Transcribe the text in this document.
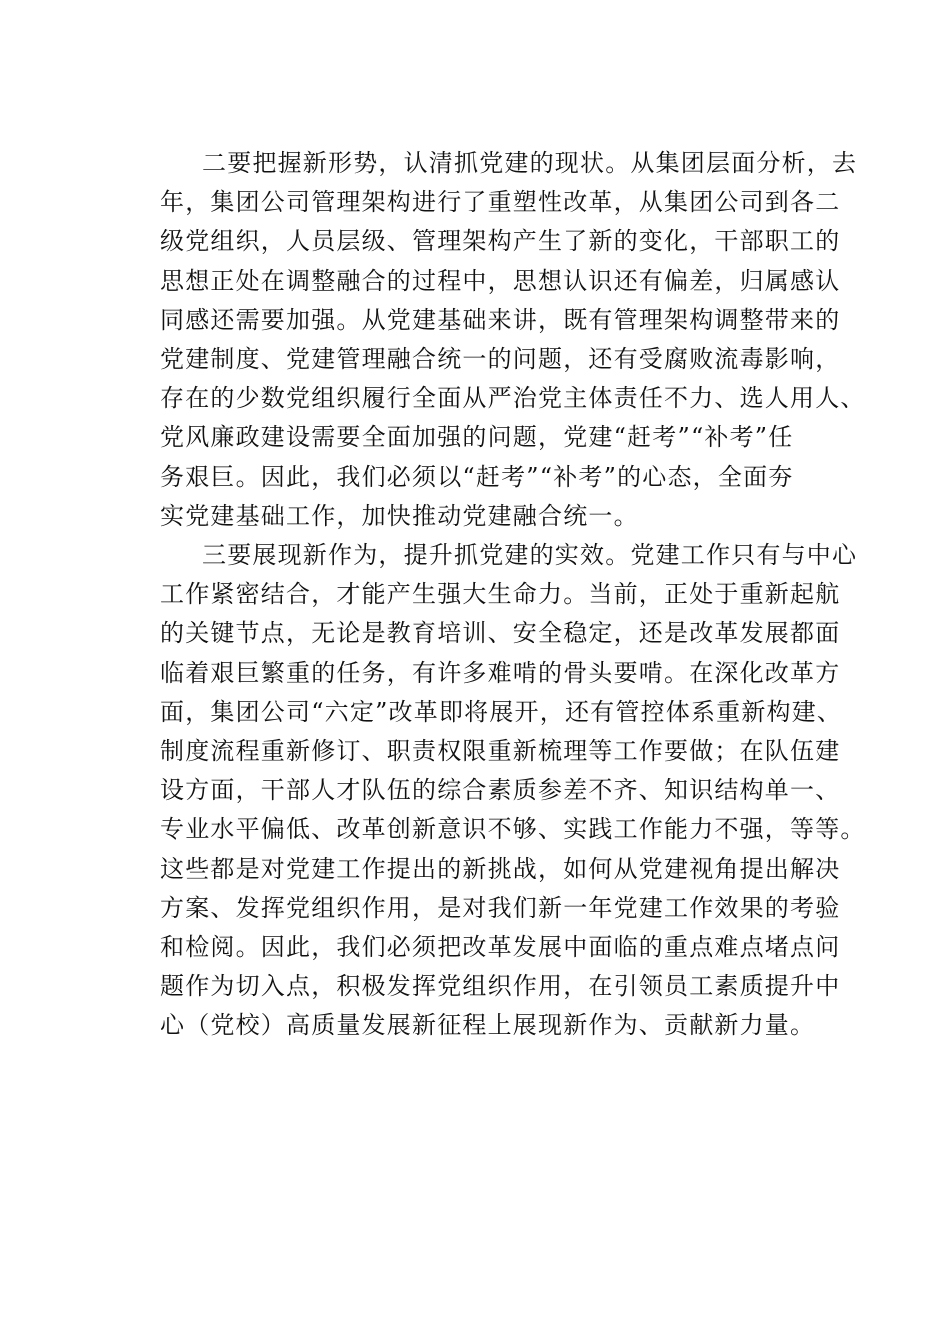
二要把握新形势，认清抓党建的现状。从集团层面分析，去
年，集团公司管理架构进行了重塑性改革，从集团公司到各二
级党组织，人员层级、管理架构产生了新的变化，干部职工的
思想正处在调整融合的过程中，思想认识还有偏差，归属感认
同感还需要加强。从党建基础来讲，既有管理架构调整带来的
党建制度、党建管理融合统一的问题，还有受腐败流毒影响，
存在的少数党组织履行全面从严治党主体责任不力、选人用人、
党风廉政建设需要全面加强的问题，党建“赶考”“补考”任
务艰巨。因此，我们必须以“赶考”“补考”的心态，全面夯
实党建基础工作，加快推动党建融合统一。
三要展现新作为，提升抓党建的实效。党建工作只有与中心
工作紧密结合，才能产生强大生命力。当前，正处于重新起航
的关键节点，无论是教育培训、安全稳定，还是改革发展都面
临着艰巨繁重的任务，有许多难啃的骨头要啃。在深化改革方
面，集团公司“六定”改革即将展开，还有管控体系重新构建、
制度流程重新修订、职责权限重新梳理等工作要做；在队伍建
设方面，干部人才队伍的综合素质参差不齐、知识结构单一、
专业水平偏低、改革创新意识不够、实践工作能力不强，等等。
这些都是对党建工作提出的新挑战，如何从党建视角提出解决
方案、发挥党组织作用，是对我们新一年党建工作效果的考验
和检阅。因此，我们必须把改革发展中面临的重点难点堵点问
题作为切入点，积极发挥党组织作用，在引领员工素质提升中
心（党校）高质量发展新征程上展现新作为、贡献新力量。
